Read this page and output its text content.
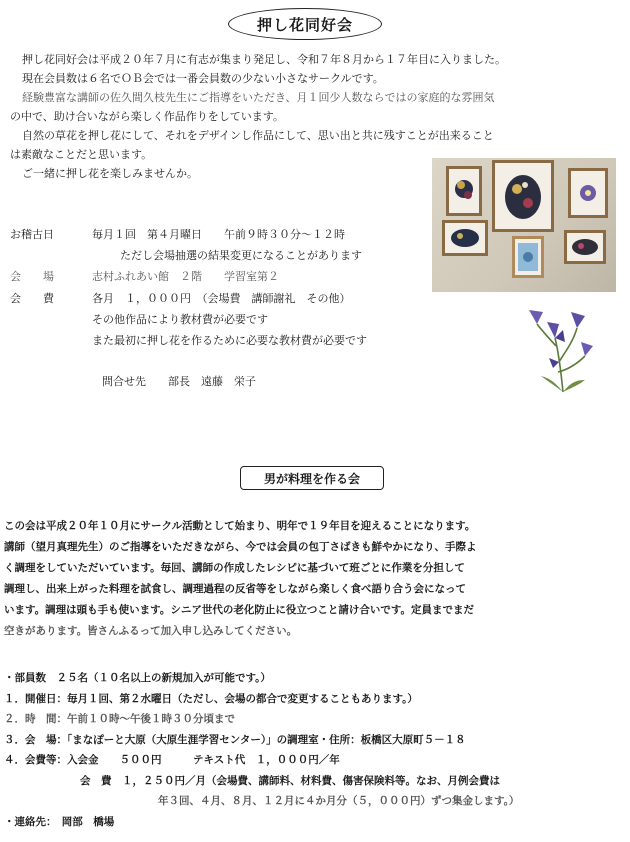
押し花同好会
押し花同好会は平成２０年７月に有志が集まり発足し、令和７年８月から１７年目に入りました。
現在会員数は６名でＯＢ会では一番会員数の少ない小さなサークルです。
経験豊富な講師の佐久間久枝先生にご指導をいただき、月１回少人数ならではの家庭的な雰囲気
の中で、助け合いながら楽しく作品作りをしています。
自然の草花を押し花にして、それをデザインし作品にして、思い出と共に残すことが出来ること
は素敵なことだと思います。
ご一緒に押し花を楽しみませんか。
お稽古日	毎月１回　第４月曜日　　午前９時３０分～１２時
ただし会場抽選の結果変更になることがあります
会　　場	志村ふれあい館　２階　　学習室第２
会　　費	各月　１，０００円　（会場費　講師謝礼　その他）
その他作品により教材費が必要です
また最初に押し花を作るために必要な教材費が必要です
問合せ先　　部長　遠藤　栄子
男が料理を作る会
この会は平成２０年１０月にサークル活動として始まり、明年で１９年目を迎えることになります。
講師（望月真理先生）のご指導をいただきながら、今では会員の包丁さばきも鮮やかになり、手際よ
く調理をしていただいています。毎回、講師の作成したレシピに基づいて班ごとに作業を分担して
調理し、出来上がった料理を試食し、調理過程の反省等をしながら楽しく食べ語り合う会になって
います。調理は頭も手も使います。シニア世代の老化防止に役立つこと請け合いです。定員までまだ
空きがあります。皆さんふるって加入申し込みしてください。
・部員数　２５名（１０名以上の新規加入が可能です。）
１．開催日：毎月１回、第２水曜日（ただし、会場の都合で変更することもあります。）
２．時　間：午前１０時～午後１時３０分頃まで
３．会　場：「まなぽーと大原（大原生涯学習センター）」の調理室・住所：板橋区大原町５－１８
４．会費等：入会金　　５００円　　　テキスト代　１，０００円／年
会　費　１，２５０円／月（会場費、講師料、材料費、傷害保険料等。なお、月例会費は
年３回、４月、８月、１２月に４か月分（５，０００円）ずつ集金します。）
・連絡先：　岡部　橋場
